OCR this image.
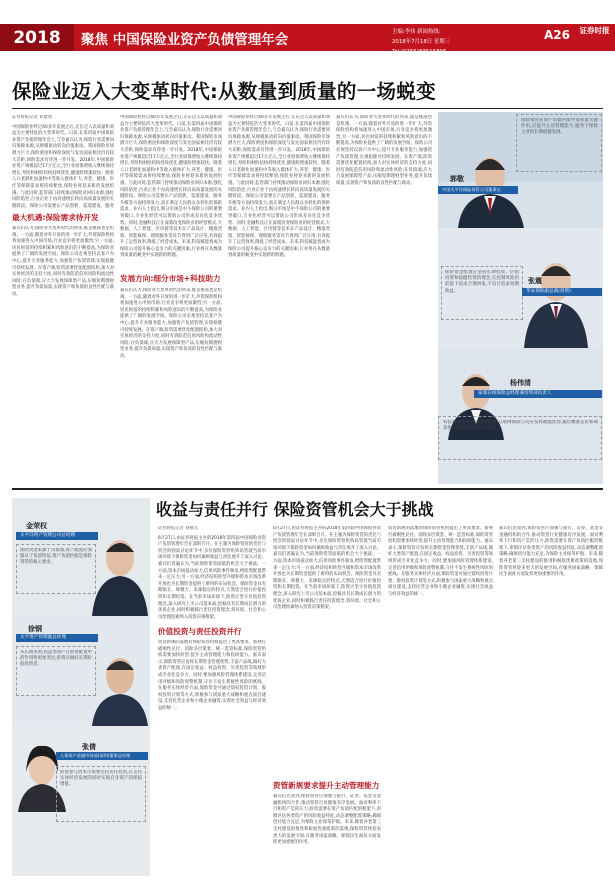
2018	聚焦 中国保险业资产负债管理年会	主编:李伟 新闻热线:
2018年7月18日 星期三
Tel:(0755)83515896
A26 证券时报
保险业迈入大变革时代:从数量到质量的一场蜕变
证券时报记者 邓建勇
中国保险业经过40多年发展之后,正在迈入以质量和效益为主要特征的大变革时代。日前,在第四届中国保险业资产负债管理年会上,与会嘉宾认为,保险行业需要回归保障本源,从规模驱动转向价值驱动。我国保险市场潜力巨大,保险密度和保险深度与发达国家相比仍有较大差距,保险需求有待进一步开发。2018年,中国保险业资产规模超过17万亿元,全行业原保费收入继续保持增长,寿险和财险结构持续优化,健康险增速较快。随着人口老龄化加速和中等收入群体扩大,养老、健康、医疗等保障需求将持续释放,保险业将迎来新的发展机遇。与此同时,监管部门持续推动保险业回归本源,强化风险防控,行业正处于由高速增长转向高质量发展的关键阶段。保险公司需要在产品创新、渠道建设、服务
最大机遇:保险需求待开发
嘉宾们认为,保险业大变革时代的到来,既是挑战也是机遇。一方面,随着对外开放的进一步扩大,外资保险机构将加速进入中国市场,行业竞争将更加激烈;另一方面,居民财富的持续积累和风险意识的不断提高,为保险业提供了广阔的发展空间。保险公司必须坚持以客户为中心,提升专业服务能力,加强资产负债管理,实现稳健可持续发展。在资产端,险资需要优化配置结构,加大对实体经济的支持力度,同时有效防范信用风险和流动性风险;在负债端,应大力发展保障型产品,压缩短期理财型业务,提升负债质量,实现资产和负债的良性匹配与联动。
中国保险业经过40多年发展之后,正在迈入以质量和效益为主要特征的大变革时代。日前,在第四届中国保险业资产负债管理年会上,与会嘉宾认为,保险行业需要回归保障本源,从规模驱动转向价值驱动。我国保险市场潜力巨大,保险密度和保险深度与发达国家相比仍有较大差距,保险需求有待进一步开发。2018年,中国保险业资产规模超过17万亿元,全行业原保费收入继续保持增长,寿险和财险结构持续优化,健康险增速较快。随着人口老龄化加速和中等收入群体扩大,养老、健康、医疗等保障需求将持续释放,保险业将迎来新的发展机遇。与此同时,监管部门持续推动保险业回归本源,强化风险防控,行业正处于由高速增长转向高质量发展的关键阶段。保险公司需要在产品创新、渠道建设、服务升级等方面持续发力,真正满足人民群众多样化的保险需求。业内人士指出,细分市场是中小保险公司的重要突破口,专业化经营可以帮助公司形成差异化竞争优势。同时,金融科技正在深刻改变保险业的经营模式,大数据、人工智能、区块链等技术在产品设计、精准营销、智能核保、理赔服务等环节得到广泛应用,有效提升了运营效率,降低了经营成本。未来,科技赋能将成为保险公司提升核心竞争力的关键因素,行业将在从数量到质量的蜕变中实现新的跨越。
发展方向:细分市场+科技助力
嘉宾们认为,保险业大变革时代的到来,既是挑战也是机遇。一方面,随着对外开放的进一步扩大,外资保险机构将加速进入中国市场,行业竞争将更加激烈;另一方面,居民财富的持续积累和风险意识的不断提高,为保险业提供了广阔的发展空间。保险公司必须坚持以客户为中心,提升专业服务能力,加强资产负债管理,实现稳健可持续发展。在资产端,险资需要优化配置结构,加大对实体经济的支持力度,同时有效防范信用风险和流动性风险;在负债端,应大力发展保障型产品,压缩短期理财型业务,提升负债质量,实现资产和负债的良性匹配与联动。
中国保险业经过40多年发展之后,正在迈入以质量和效益为主要特征的大变革时代。日前,在第四届中国保险业资产负债管理年会上,与会嘉宾认为,保险行业需要回归保障本源,从规模驱动转向价值驱动。我国保险市场潜力巨大,保险密度和保险深度与发达国家相比仍有较大差距,保险需求有待进一步开发。2018年,中国保险业资产规模超过17万亿元,全行业原保费收入继续保持增长,寿险和财险结构持续优化,健康险增速较快。随着人口老龄化加速和中等收入群体扩大,养老、健康、医疗等保障需求将持续释放,保险业将迎来新的发展机遇。与此同时,监管部门持续推动保险业回归本源,强化风险防控,行业正处于由高速增长转向高质量发展的关键阶段。保险公司需要在产品创新、渠道建设、服务升级等方面持续发力,真正满足人民群众多样化的保险需求。业内人士指出,细分市场是中小保险公司的重要突破口,专业化经营可以帮助公司形成差异化竞争优势。同时,金融科技正在深刻改变保险业的经营模式,大数据、人工智能、区块链等技术在产品设计、精准营销、智能核保、理赔服务等环节得到广泛应用,有效提升了运营效率,降低了经营成本。未来,科技赋能将成为保险公司提升核心竞争力的关键因素,行业将在从数量到质量的蜕变中实现新的跨越。
嘉宾们认为,保险业大变革时代的到来,既是挑战也是机遇。一方面,随着对外开放的进一步扩大,外资保险机构将加速进入中国市场,行业竞争将更加激烈;另一方面,居民财富的持续积累和风险意识的不断提高,为保险业提供了广阔的发展空间。保险公司必须坚持以客户为中心,提升专业服务能力,加强资产负债管理,实现稳健可持续发展。在资产端,险资需要优化配置结构,加大对实体经济的支持力度,同时有效防范信用风险和流动性风险;在负债端,应大力发展保障型产品,压缩短期理财型业务,提升负债质量,实现资产和负债的良性匹配与联动。
郭敬
中国太平洋保险资管公司董事长
保险资管在资产负债匹配中发挥着关键作用,应提升主动管理能力,服务于保险主业的长期稳健发展。
保险资金配置应坚持长期投资、价值投资和稳健投资的理念,在控制风险的前提下追求合理回报,不盲目追求短期收益。
张震
华安保险副总裁(投资)
杨伟清
泰康在线保险总经理兼投资部负责人
科技将重塑保险业的价值链,互联网保险公司应发挥数据优势,通过精准定价和场景化产品满足细分客户需求。
收益与责任并行 保险资管机会大于挑战
金荣权
太平洋资产管理公司总经理
保险资金来源于负债端,资产配置必须服从于负债特征,资产负债匹配是保险资管的核心要求。
徐钢
太平资产管理副总经理
从长期来看,权益类资产在险资配置中的作用将更加突出,险资应做好长期价值投资者。
张倩
人保资产金融市场部(深圳)董事总经理
险资参与资本市场要坚持责任投资,在支持实体经济发展的同时实现自身资产的保值增值。
证券时报记者 刘敬元
6月27日,由证券时报主办的2018年第四届中国保险业资产负债管理年会在深圳召开。在主题为保险资管的责任与机会的圆桌讨论环节中,多位保险资管机构高管就当前市场环境下保险资金如何兼顾收益与责任展开了深入讨论。嘉宾们普遍认为,当前保险资管面临的机会大于挑战。一方面,资本市场波动加大,信用风险事件频发,给险资配置带来一定压力;另一方面,经济结构转型升级和资本市场改革开放也为长期资金提供了难得的布局机会。保险资金具有期限长、规模大、来源稳定的特点,天然适合进行价值投资和长期投资。在当前市场环境下,险资应坚守价值投资理念,深入研究上市公司基本面,挖掘具有长期成长潜力的优质企业,同时积极践行责任投资理念,将环境、社会和公司治理因素纳入投资决策框架。
价值投资与责任投资并行
资管新规的落地对保险资管机构提出了更高要求。新规打破刚性兑付、消除多层嵌套、统一监管标准,保险资管机构需要加快转型,提升主动管理能力和投研能力。嘉宾表示,保险资管应发挥长期资金管理优势,丰富产品线,做好大类资产配置,在固定收益、权益投资、另类投资等领域形成专业化竞争力。同时,要加强风险管理体系建设,完善信用评级和风险预警机制,守住不发生系统性风险的底线。在服务实体经济方面,保险资金可通过债权投资计划、股权投资计划等方式,积极参与国家重大战略和重点项目建设,支持民营企业和小微企业融资,实现社会效益与经济效益的统一。
6月27日,由证券时报主办的2018年第四届中国保险业资产负债管理年会在深圳召开。在主题为保险资管的责任与机会的圆桌讨论环节中,多位保险资管机构高管就当前市场环境下保险资金如何兼顾收益与责任展开了深入讨论。嘉宾们普遍认为,当前保险资管面临的机会大于挑战。一方面,资本市场波动加大,信用风险事件频发,给险资配置带来一定压力;另一方面,经济结构转型升级和资本市场改革开放也为长期资金提供了难得的布局机会。保险资金具有期限长、规模大、来源稳定的特点,天然适合进行价值投资和长期投资。在当前市场环境下,险资应坚守价值投资理念,深入研究上市公司基本面,挖掘具有长期成长潜力的优质企业,同时积极践行责任投资理念,将环境、社会和公司治理因素纳入投资决策框架。
资管新规要求提升主动管理能力
嘉宾们还谈到,保险资管应加强与银行、证券、基金等金融机构的合作,推动资管行业健康有序发展。面对利率下行和资产荒的压力,险资需要在资产负债匹配的框架下,审慎评估各类资产的风险收益特征,动态调整配置策略,确保偿付能力充足,为保险主业保驾护航。未来,随着养老第三支柱建设的推进和税收优惠政策的落地,保险资管将迎来更大的发展空间,在服务国家战略、保障民生福祉方面发挥更加重要的作用。
资管新规的落地对保险资管机构提出了更高要求。新规打破刚性兑付、消除多层嵌套、统一监管标准,保险资管机构需要加快转型,提升主动管理能力和投研能力。嘉宾表示,保险资管应发挥长期资金管理优势,丰富产品线,做好大类资产配置,在固定收益、权益投资、另类投资等领域形成专业化竞争力。同时,要加强风险管理体系建设,完善信用评级和风险预警机制,守住不发生系统性风险的底线。在服务实体经济方面,保险资金可通过债权投资计划、股权投资计划等方式,积极参与国家重大战略和重点项目建设,支持民营企业和小微企业融资,实现社会效益与经济效益的统一。
嘉宾们还谈到,保险资管应加强与银行、证券、基金等金融机构的合作,推动资管行业健康有序发展。面对利率下行和资产荒的压力,险资需要在资产负债匹配的框架下,审慎评估各类资产的风险收益特征,动态调整配置策略,确保偿付能力充足,为保险主业保驾护航。未来,随着养老第三支柱建设的推进和税收优惠政策的落地,保险资管将迎来更大的发展空间,在服务国家战略、保障民生福祉方面发挥更加重要的作用。
